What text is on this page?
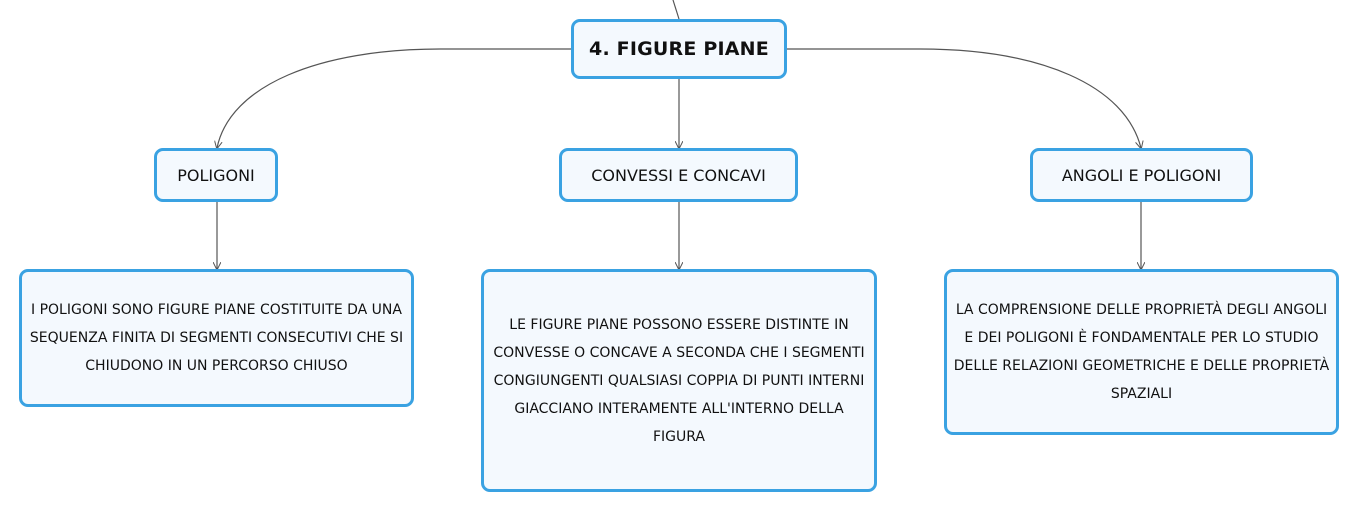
4. FIGURE PIANE
POLIGONI	CONVESSI E CONCAVI	ANGOLI E POLIGONI
I POLIGONI SONO FIGURE PIANE COSTITUITE DA UNA SEQUENZA FINITA DI SEGMENTI CONSECUTIVI CHE SI CHIUDONO IN UN PERCORSO CHIUSO
LE FIGURE PIANE POSSONO ESSERE DISTINTE IN CONVESSE O CONCAVE A SECONDA CHE I SEGMENTI CONGIUNGENTI QUALSIASI COPPIA DI PUNTI INTERNI GIACCIANO INTERAMENTE ALL'INTERNO DELLA FIGURA
LA COMPRENSIONE DELLE PROPRIETÀ DEGLI ANGOLI E DEI POLIGONI È FONDAMENTALE PER LO STUDIO DELLE RELAZIONI GEOMETRICHE E DELLE PROPRIETÀ SPAZIALI
